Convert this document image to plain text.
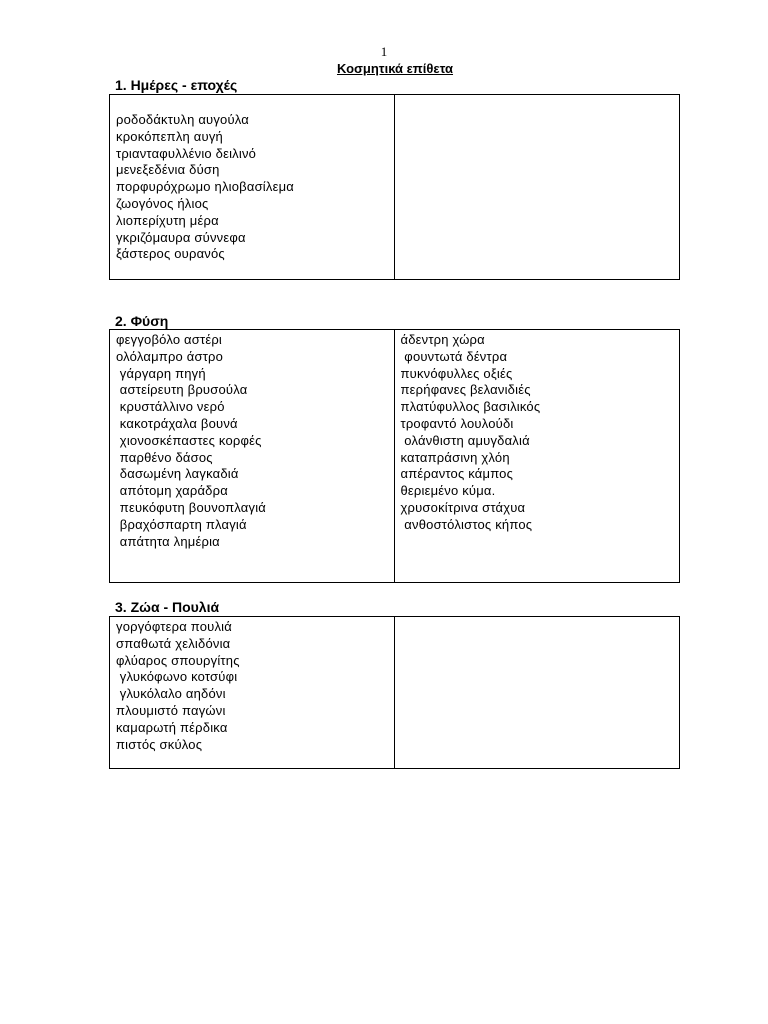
1
Κοσμητικά επίθετα
1. Ημέρες - εποχές
ροδοδάκτυλη αυγούλα
κροκόπεπλη αυγή
τριανταφυλλένιο δειλινό
μενεξεδένια δύση
πορφυρόχρωμο ηλιοβασίλεμα
ζωογόνος ήλιος
λιοπερίχυτη μέρα
γκριζόμαυρα σύννεφα
ξάστερος ουρανός
2. Φύση
φεγγοβόλο αστέρι
ολόλαμπρο άστρο
γάργαρη πηγή
αστείρευτη βρυσούλα
κρυστάλλινο νερό
κακοτράχαλα βουνά
χιονοσκέπαστες κορφές
παρθένο δάσος
δασωμένη λαγκαδιά
απότομη χαράδρα
πευκόφυτη βουνοπλαγιά
βραχόσπαρτη πλαγιά
απάτητα λημέρια
άδεντρη χώρα
φουντωτά δέντρα
πυκνόφυλλες οξιές
περήφανες βελανιδιές
πλατύφυλλος βασιλικός
τροφαντό λουλούδι
ολάνθιστη αμυγδαλιά
καταπράσινη χλόη
απέραντος κάμπος
θεριεμένο κύμα.
χρυσοκίτρινα στάχυα
ανθοστόλιστος κήπος
3. Ζώα - Πουλιά
γοργόφτερα πουλιά
σπαθωτά χελιδόνια
φλύαρος σπουργίτης
γλυκόφωνο κοτσύφι
γλυκόλαλο αηδόνι
πλουμιστό παγώνι
καμαρωτή πέρδικα
πιστός σκύλος
